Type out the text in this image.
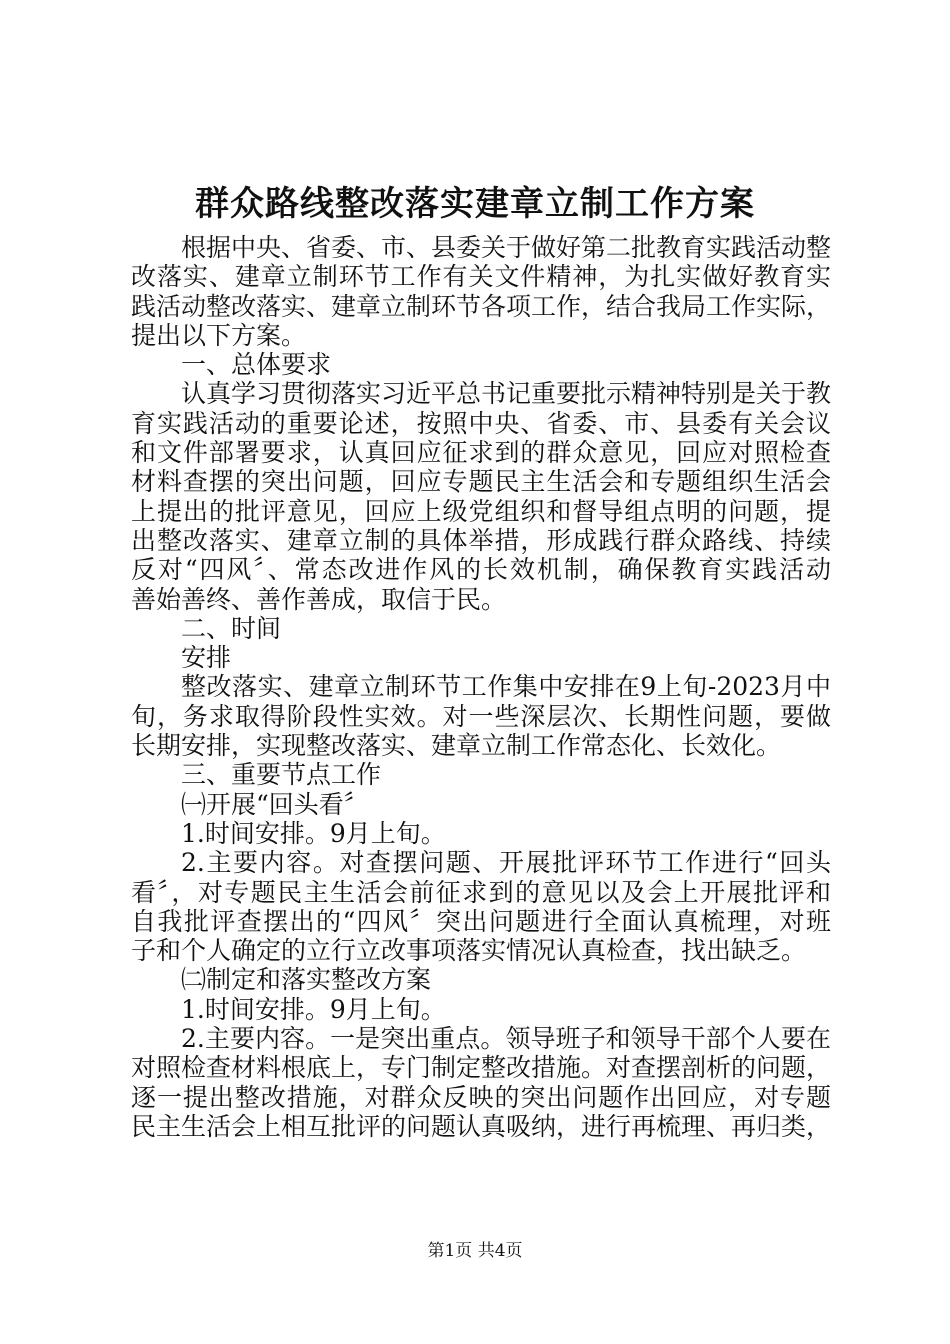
群众路线整改落实建章立制工作方案
根据中央、省委、市、县委关于做好第二批教育实践活动整
改落实、建章立制环节工作有关文件精神，为扎实做好教育实
践活动整改落实、建章立制环节各项工作，结合我局工作实际，
提出以下方案。
一、总体要求
认真学习贯彻落实习近平总书记重要批示精神特别是关于教
育实践活动的重要论述，按照中央、省委、市、县委有关会议
和文件部署要求，认真回应征求到的群众意见，回应对照检查
材料查摆的突出问题，回应专题民主生活会和专题组织生活会
上提出的批评意见，回应上级党组织和督导组点明的问题，提
出整改落实、建章立制的具体举措，形成践行群众路线、持续
反对“四风〞、常态改进作风的长效机制，确保教育实践活动
善始善终、善作善成，取信于民。
二、时间
安排
整改落实、建章立制环节工作集中安排在9上旬-2023月中
旬，务求取得阶段性实效。对一些深层次、长期性问题，要做
长期安排，实现整改落实、建章立制工作常态化、长效化。
三、重要节点工作
㈠开展“回头看〞
1.时间安排。9月上旬。
2.主要内容。对查摆问题、开展批评环节工作进行“回头
看〞，对专题民主生活会前征求到的意见以及会上开展批评和
自我批评查摆出的“四风〞突出问题进行全面认真梳理，对班
子和个人确定的立行立改事项落实情况认真检查，找出缺乏。
㈡制定和落实整改方案
1.时间安排。9月上旬。
2.主要内容。一是突出重点。领导班子和领导干部个人要在
对照检查材料根底上，专门制定整改措施。对查摆剖析的问题，
逐一提出整改措施，对群众反映的突出问题作出回应，对专题
民主生活会上相互批评的问题认真吸纳，进行再梳理、再归类，
第1页 共4页
